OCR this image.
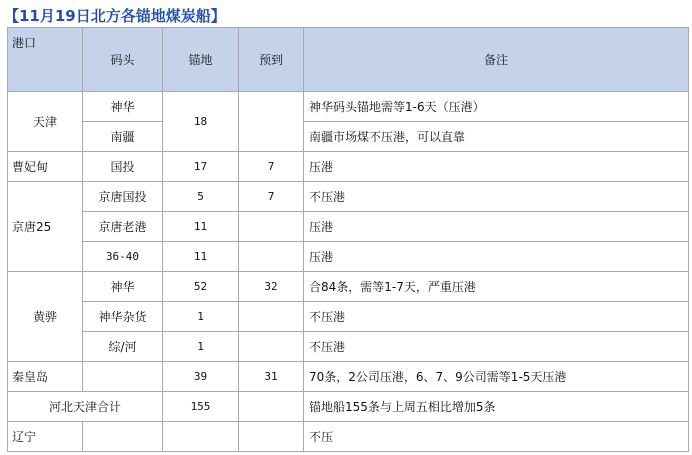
【11月19日北方各锚地煤炭船】
港口	码头	锚地	预到	备注
天津	神华	18		神华码头锚地需等1-6天（压港）
	南疆			南疆市场煤不压港，可以直靠
曹妃甸	国投	17	7	压港
京唐25	京唐国投	5	7	不压港
	京唐老港	11		压港
	36-40	11		压港
黄骅	神华	52	32	合84条，需等1-7天，严重压港
	神华杂货	1		不压港
	综/河	1		不压港
秦皇岛		39	31	70条，2公司压港，6、7、9公司需等1-5天压港
河北天津合计		155		锚地船155条与上周五相比增加5条
辽宁				不压
